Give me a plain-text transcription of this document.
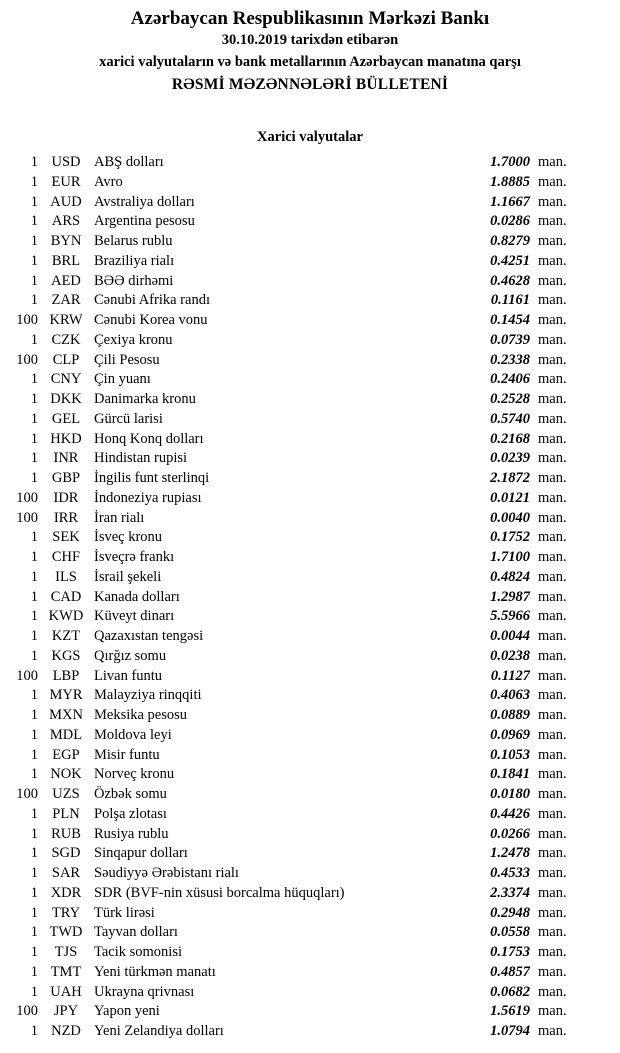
Azərbaycan Respublikasının Mərkəzi Bankı
30.10.2019 tarixdən etibarən
xarici valyutaların və bank metallarının Azərbaycan manatına qarşı
RƏSMİ MƏZƏNNƏLƏRİ BÜLLETENİ
Xarici valyutalar
1 USD ABŞ dolları	1.7000 man.
1 EUR Avro	1.8885 man.
1 AUD Avstraliya dolları	1.1667 man.
1 ARS Argentina pesosu	0.0286 man.
1 BYN Belarus rublu	0.8279 man.
1 BRL Braziliya rialı	0.4251 man.
1 AED BƏƏ dirhəmi	0.4628 man.
1 ZAR Cənubi Afrika randı	0.1161 man.
100 KRW Cənubi Korea vonu	0.1454 man.
1 CZK Çexiya kronu	0.0739 man.
100	CLP	Çili Pesosu	0.2338 man.
1 CNY Çin yuanı	0.2406 man.
1 DKK Danimarka kronu	0.2528 man.
1 GEL Gürcü larisi	0.5740 man.
1 HKD Honq Konq dolları	0.2168 man.
1	INR	Hindistan rupisi	0.0239 man.
1 GBP İngilis funt sterlinqi	2.1872 man.
100	IDR	İndoneziya rupiası	0.0121 man.
100	IRR	İran rialı	0.0040 man.
1 SEK İsveç kronu	0.1752 man.
1 CHF İsveçrə frankı	1.7100 man.
1	ILS	İsrail şekeli	0.4824 man.
1 CAD Kanada dolları	1.2987 man.
1 KWD Küveyt dinarı	5.5966 man.
1 KZT Qazaxıstan tengəsi	0.0044 man.
1 KGS Qırğız somu	0.0238 man.
100	LBP	Livan funtu	0.1127 man.
1 MYR Malayziya rinqqiti	0.4063 man.
1 MXN Meksika pesosu	0.0889 man.
1 MDL Moldova leyi	0.0969 man.
1 EGP Misir funtu	0.1053 man.
1 NOK Norveç kronu	0.1841 man.
100 UZS Özbək somu	0.0180 man.
1 PLN Polşa zlotası	0.4426 man.
1 RUB Rusiya rublu	0.0266 man.
1 SGD Sinqapur dolları	1.2478 man.
1 SAR Səudiyyə Ərəbistanı rialı	0.4533 man.
1 XDR SDR (BVF-nin xüsusi borcalma hüquqları)	2.3374 man.
1 TRY Türk lirəsi	0.2948 man.
1 TWD Tayvan dolları	0.0558 man.
1	TJS	Tacik somonisi	0.1753 man.
1 TMT Yeni türkmən manatı	0.4857 man.
1 UAH Ukrayna qrivnası	0.0682 man.
100	JPY	Yapon yeni	1.5619 man.
1 NZD Yeni Zelandiya dolları	1.0794 man.
